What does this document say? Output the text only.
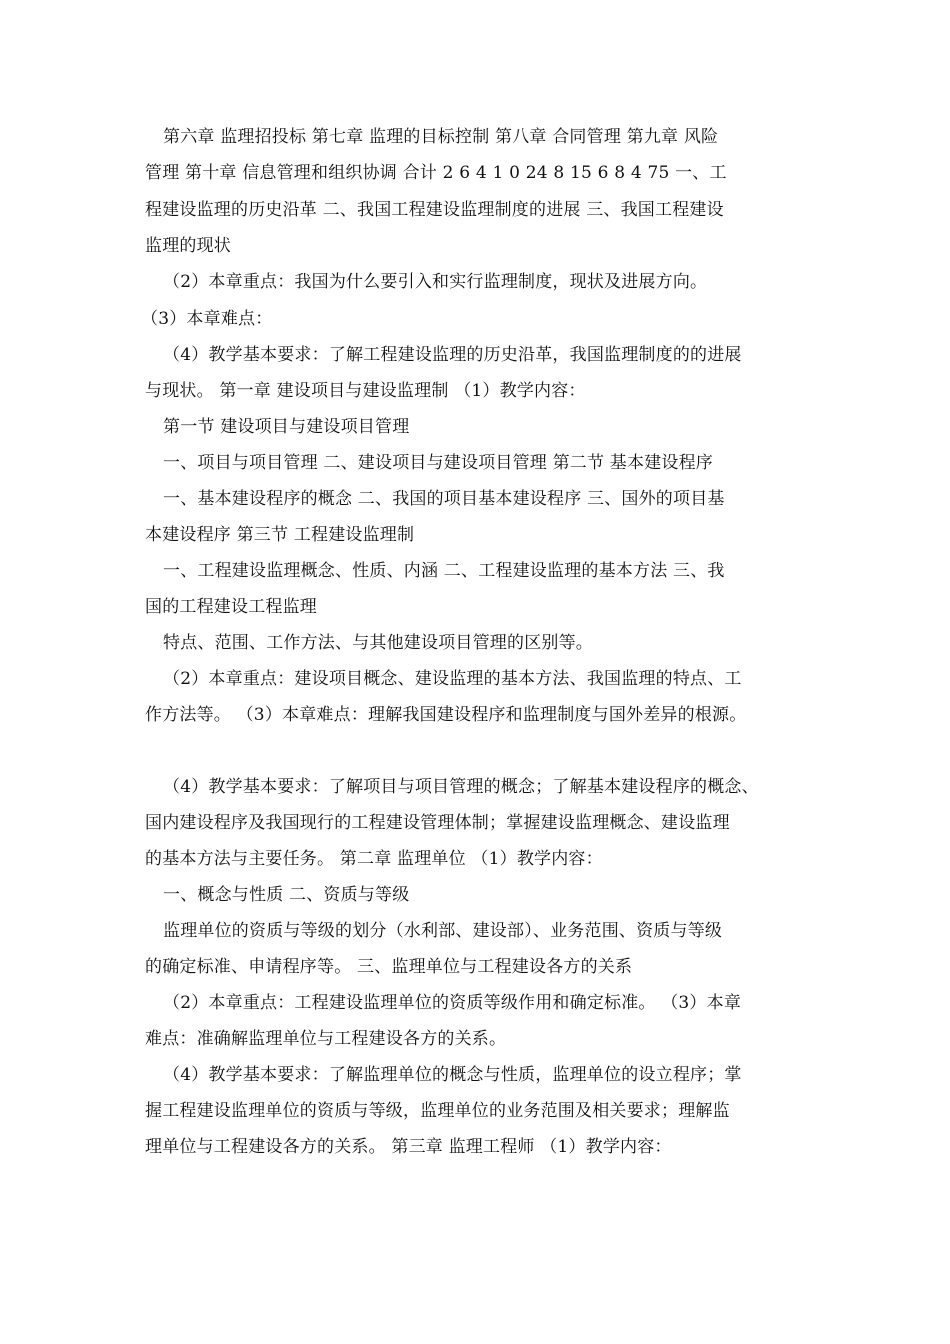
第六章 监理招投标 第七章 监理的目标控制 第八章 合同管理 第九章 风险
管理 第十章 信息管理和组织协调 合计 2 6 4 1 0 24 8 15 6 8 4 75 一、工
程建设监理的历史沿革 二、我国工程建设监理制度的进展 三、我国工程建设
监理的现状
（2）本章重点：我国为什么要引入和实行监理制度，现状及进展方向。
（3）本章难点：
（4）教学基本要求：了解工程建设监理的历史沿革，我国监理制度的的进展
与现状。 第一章 建设项目与建设监理制 （1）教学内容：
第一节 建设项目与建设项目管理
一、项目与项目管理 二、建设项目与建设项目管理 第二节 基本建设程序
一、基本建设程序的概念 二、我国的项目基本建设程序 三、国外的项目基
本建设程序 第三节 工程建设监理制
一、工程建设监理概念、性质、内涵 二、工程建设监理的基本方法 三、我
国的工程建设工程监理
特点、范围、工作方法、与其他建设项目管理的区别等。
（2）本章重点：建设项目概念、建设监理的基本方法、我国监理的特点、工
作方法等。 （3）本章难点：理解我国建设程序和监理制度与国外差异的根源。
（4）教学基本要求：了解项目与项目管理的概念；了解基本建设程序的概念、
国内建设程序及我国现行的工程建设管理体制；掌握建设监理概念、建设监理
的基本方法与主要任务。 第二章 监理单位 （1）教学内容：
一、概念与性质 二、资质与等级
监理单位的资质与等级的划分（水利部、建设部）、业务范围、资质与等级
的确定标准、申请程序等。 三、监理单位与工程建设各方的关系
（2）本章重点：工程建设监理单位的资质等级作用和确定标准。 （3）本章
难点：准确解监理单位与工程建设各方的关系。
（4）教学基本要求：了解监理单位的概念与性质，监理单位的设立程序；掌
握工程建设监理单位的资质与等级，监理单位的业务范围及相关要求；理解监
理单位与工程建设各方的关系。 第三章 监理工程师 （1）教学内容：
